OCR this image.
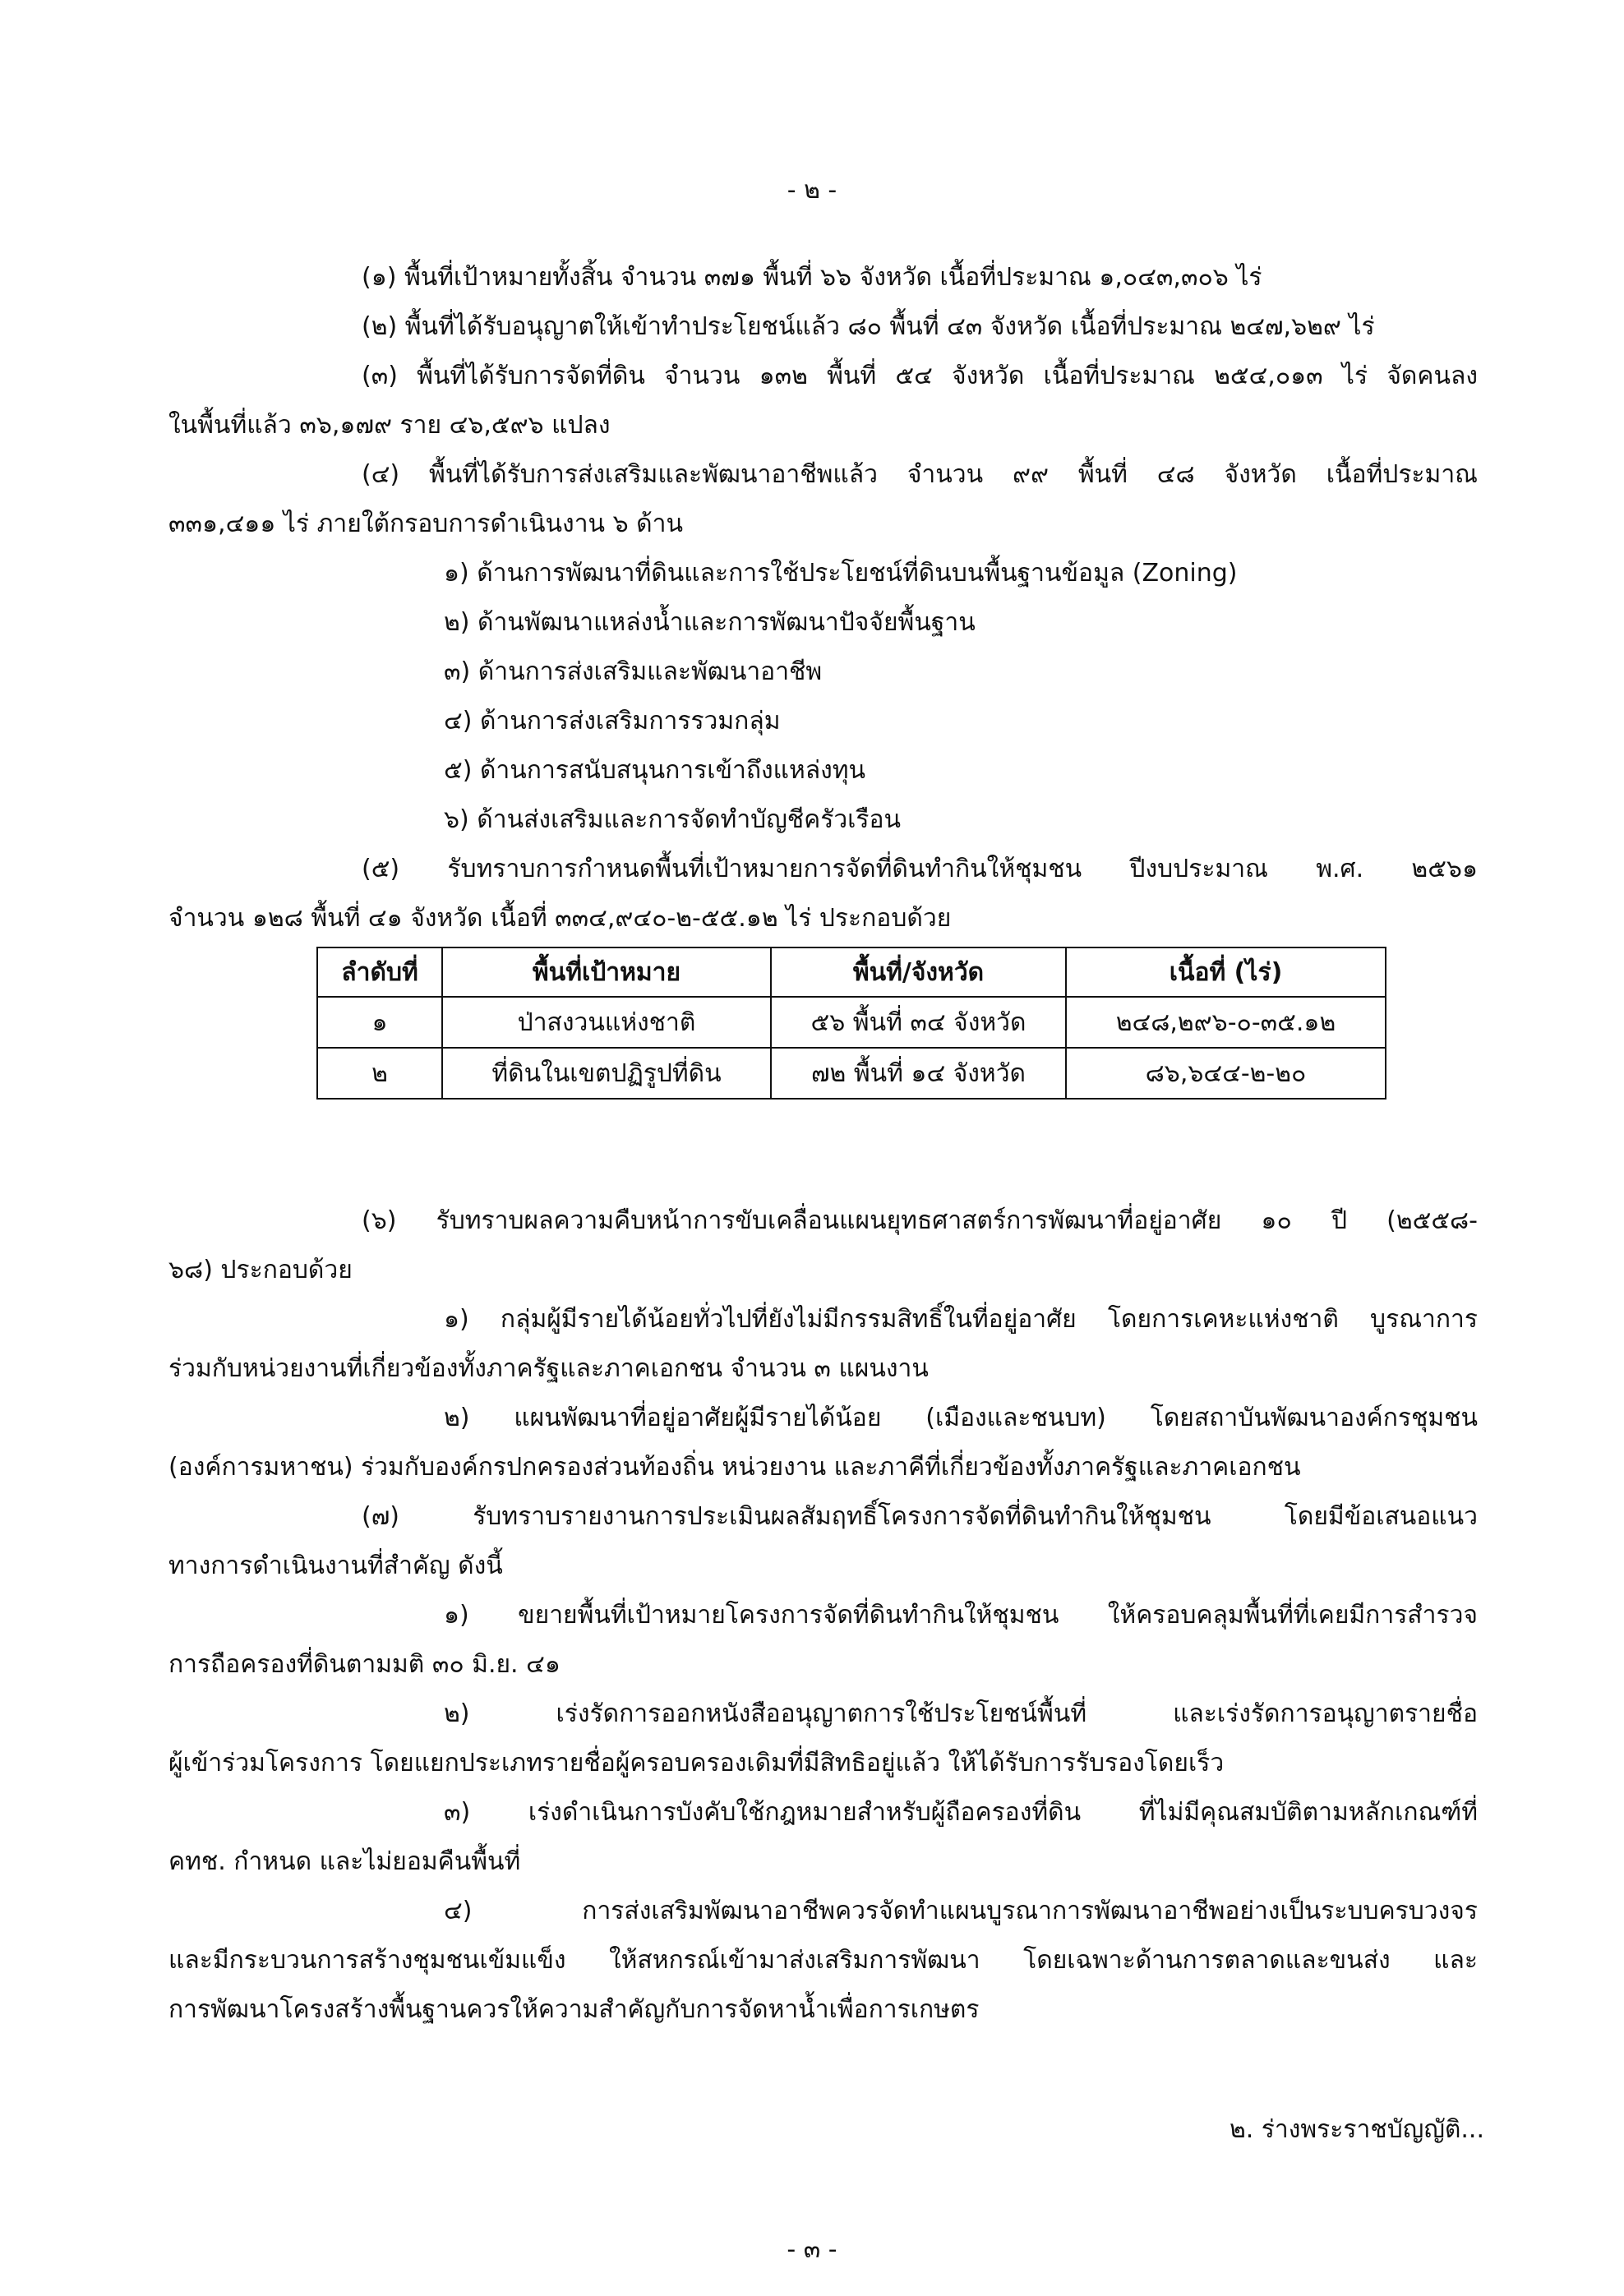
- ๒ -
(๑) พื้นที่เป้าหมายทั้งสิ้น จำนวน ๓๗๑ พื้นที่ ๖๖ จังหวัด เนื้อที่ประมาณ ๑,๐๔๓,๓๐๖ ไร่
(๒) พื้นที่ได้รับอนุญาตให้เข้าทำประโยชน์แล้ว ๘๐ พื้นที่ ๔๓ จังหวัด เนื้อที่ประมาณ ๒๔๗,๖๒๙ ไร่
(๓) พื้นที่ได้รับการจัดที่ดิน จำนวน ๑๓๒ พื้นที่ ๕๔ จังหวัด เนื้อที่ประมาณ ๒๕๔,๐๑๓ ไร่ จัดคนลง
ในพื้นที่แล้ว ๓๖,๑๗๙ ราย ๔๖,๕๙๖ แปลง
(๔) พื้นที่ได้รับการส่งเสริมและพัฒนาอาชีพแล้ว จำนวน ๙๙ พื้นที่ ๔๘ จังหวัด เนื้อที่ประมาณ
๓๓๑,๔๑๑ ไร่ ภายใต้กรอบการดำเนินงาน ๖ ด้าน
๑) ด้านการพัฒนาที่ดินและการใช้ประโยชน์ที่ดินบนพื้นฐานข้อมูล (Zoning)
๒) ด้านพัฒนาแหล่งน้ำและการพัฒนาปัจจัยพื้นฐาน
๓) ด้านการส่งเสริมและพัฒนาอาชีพ
๔) ด้านการส่งเสริมการรวมกลุ่ม
๕) ด้านการสนับสนุนการเข้าถึงแหล่งทุน
๖) ด้านส่งเสริมและการจัดทำบัญชีครัวเรือน
(๕) รับทราบการกำหนดพื้นที่เป้าหมายการจัดที่ดินทำกินให้ชุมชน ปีงบประมาณ พ.ศ. ๒๕๖๑
จำนวน ๑๒๘ พื้นที่ ๔๑ จังหวัด เนื้อที่ ๓๓๔,๙๔๐-๒-๕๕.๑๒ ไร่ ประกอบด้วย
ลำดับที่	พื้นที่เป้าหมาย	พื้นที่/จังหวัด	เนื้อที่ (ไร่)
๑	ป่าสงวนแห่งชาติ	๕๖ พื้นที่ ๓๔ จังหวัด	๒๔๘,๒๙๖-๐-๓๕.๑๒
๒	ที่ดินในเขตปฏิรูปที่ดิน	๗๒ พื้นที่ ๑๔ จังหวัด	๘๖,๖๔๔-๒-๒๐
(๖) รับทราบผลความคืบหน้าการขับเคลื่อนแผนยุทธศาสตร์การพัฒนาที่อยู่อาศัย ๑๐ ปี (๒๕๕๘-
๖๘) ประกอบด้วย
๑) กลุ่มผู้มีรายได้น้อยทั่วไปที่ยังไม่มีกรรมสิทธิ์ในที่อยู่อาศัย โดยการเคหะแห่งชาติ บูรณาการ
ร่วมกับหน่วยงานที่เกี่ยวข้องทั้งภาครัฐและภาคเอกชน จำนวน ๓ แผนงาน
๒) แผนพัฒนาที่อยู่อาศัยผู้มีรายได้น้อย (เมืองและชนบท) โดยสถาบันพัฒนาองค์กรชุมชน
(องค์การมหาชน) ร่วมกับองค์กรปกครองส่วนท้องถิ่น หน่วยงาน และภาคีที่เกี่ยวข้องทั้งภาครัฐและภาคเอกชน
(๗) รับทราบรายงานการประเมินผลสัมฤทธิ์โครงการจัดที่ดินทำกินให้ชุมชน โดยมีข้อเสนอแนว
ทางการดำเนินงานที่สำคัญ ดังนี้
๑) ขยายพื้นที่เป้าหมายโครงการจัดที่ดินทำกินให้ชุมชน ให้ครอบคลุมพื้นที่ที่เคยมีการสำรวจ
การถือครองที่ดินตามมติ ๓๐ มิ.ย. ๔๑
๒) เร่งรัดการออกหนังสืออนุญาตการใช้ประโยชน์พื้นที่ และเร่งรัดการอนุญาตรายชื่อ
ผู้เข้าร่วมโครงการ โดยแยกประเภทรายชื่อผู้ครอบครองเดิมที่มีสิทธิอยู่แล้ว ให้ได้รับการรับรองโดยเร็ว
๓) เร่งดำเนินการบังคับใช้กฎหมายสำหรับผู้ถือครองที่ดิน ที่ไม่มีคุณสมบัติตามหลักเกณฑ์ที่
คทช. กำหนด และไม่ยอมคืนพื้นที่
๔) การส่งเสริมพัฒนาอาชีพควรจัดทำแผนบูรณาการพัฒนาอาชีพอย่างเป็นระบบครบวงจร
และมีกระบวนการสร้างชุมชนเข้มแข็ง ให้สหกรณ์เข้ามาส่งเสริมการพัฒนา โดยเฉพาะด้านการตลาดและขนส่ง และ
การพัฒนาโครงสร้างพื้นฐานควรให้ความสำคัญกับการจัดหาน้ำเพื่อการเกษตร
๒. ร่างพระราชบัญญัติ...
- ๓ -
